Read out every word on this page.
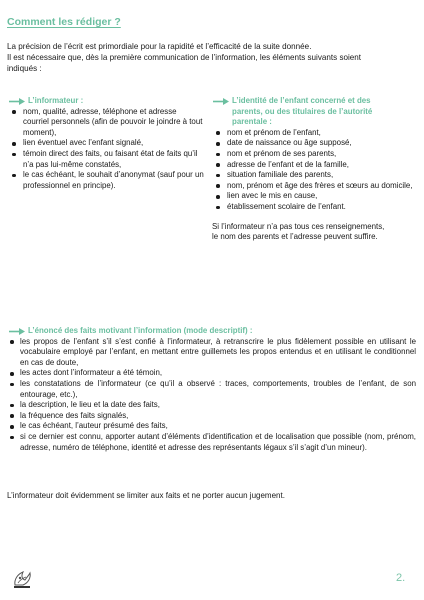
Comment les rédiger ?

La précision de l’écrit est primordiale pour la rapidité et l’efficacité de la suite donnée.
Il est nécessaire que, dès la première communication de l’information, les éléments suivants soient
indiqués :

L’informateur :
nom, qualité, adresse, téléphone et adresse courriel personnels (afin de pouvoir le joindre à tout moment),
lien éventuel avec l’enfant signalé,
témoin direct des faits, ou faisant état de faits qu’il n’a pas lui-même constatés,
le cas échéant, le souhait d’anonymat (sauf pour un professionnel en principe).
L’identité de l’enfant concerné et des
parents, ou des titulaires de l’autorité
parentale :
nom et prénom de l’enfant,
date de naissance ou âge supposé,
nom et prénom de ses parents,
adresse de l’enfant et de la famille,
situation familiale des parents,
nom, prénom et âge des frères et sœurs au domicile,
lien avec le mis en cause,
établissement scolaire de l’enfant.

Si l’informateur n’a pas tous ces renseignements,
le nom des parents et l’adresse peuvent suffire.

L’énoncé des faits motivant l’information (mode descriptif) :
les propos de l’enfant s’il s’est confié à l’informateur, à retranscrire le plus fidèlement possible en utilisant le vocabulaire employé par l’enfant, en mettant entre guillemets les propos entendus et en utilisant le conditionnel en cas de doute,
les actes dont l’informateur a été témoin,
les constatations de l’informateur (ce qu’il a observé : traces, comportements, troubles de l’enfant, de son entourage, etc.),
la description, le lieu et la date des faits,
la fréquence des faits signalés,
le cas échéant, l’auteur présumé des faits,
si ce dernier est connu, apporter autant d’éléments d’identification et de localisation que possible (nom, prénom, adresse, numéro de téléphone, identité et adresse des représentants légaux s’il s’agit d’un mineur).

L’informateur doit évidemment se limiter aux faits et ne porter aucun jugement.

2.
